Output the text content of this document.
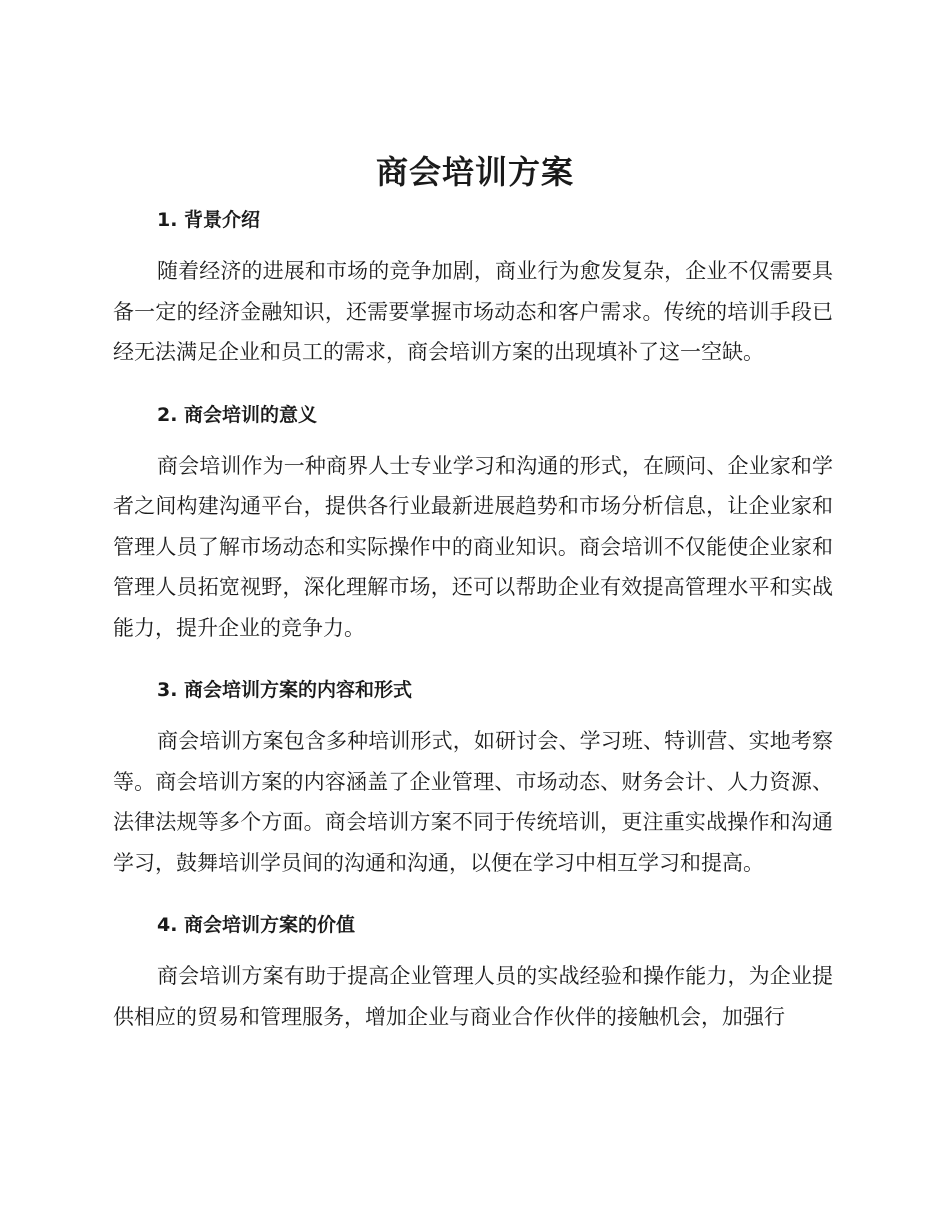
商会培训方案
1. 背景介绍

随着经济的进展和市场的竞争加剧，商业行为愈发复杂，企业不仅需要具备一定的经济金融知识，还需要掌握市场动态和客户需求。传统的培训手段已经无法满足企业和员工的需求，商会培训方案的出现填补了这一空缺。

2. 商会培训的意义

商会培训作为一种商界人士专业学习和沟通的形式，在顾问、企业家和学者之间构建沟通平台，提供各行业最新进展趋势和市场分析信息，让企业家和管理人员了解市场动态和实际操作中的商业知识。商会培训不仅能使企业家和管理人员拓宽视野，深化理解市场，还可以帮助企业有效提高管理水平和实战能力，提升企业的竞争力。

3. 商会培训方案的内容和形式

商会培训方案包含多种培训形式，如研讨会、学习班、特训营、实地考察等。商会培训方案的内容涵盖了企业管理、市场动态、财务会计、人力资源、法律法规等多个方面。商会培训方案不同于传统培训，更注重实战操作和沟通学习，鼓舞培训学员间的沟通和沟通，以便在学习中相互学习和提高。

4. 商会培训方案的价值

商会培训方案有助于提高企业管理人员的实战经验和操作能力，为企业提供相应的贸易和管理服务，增加企业与商业合作伙伴的接触机会，加强行
